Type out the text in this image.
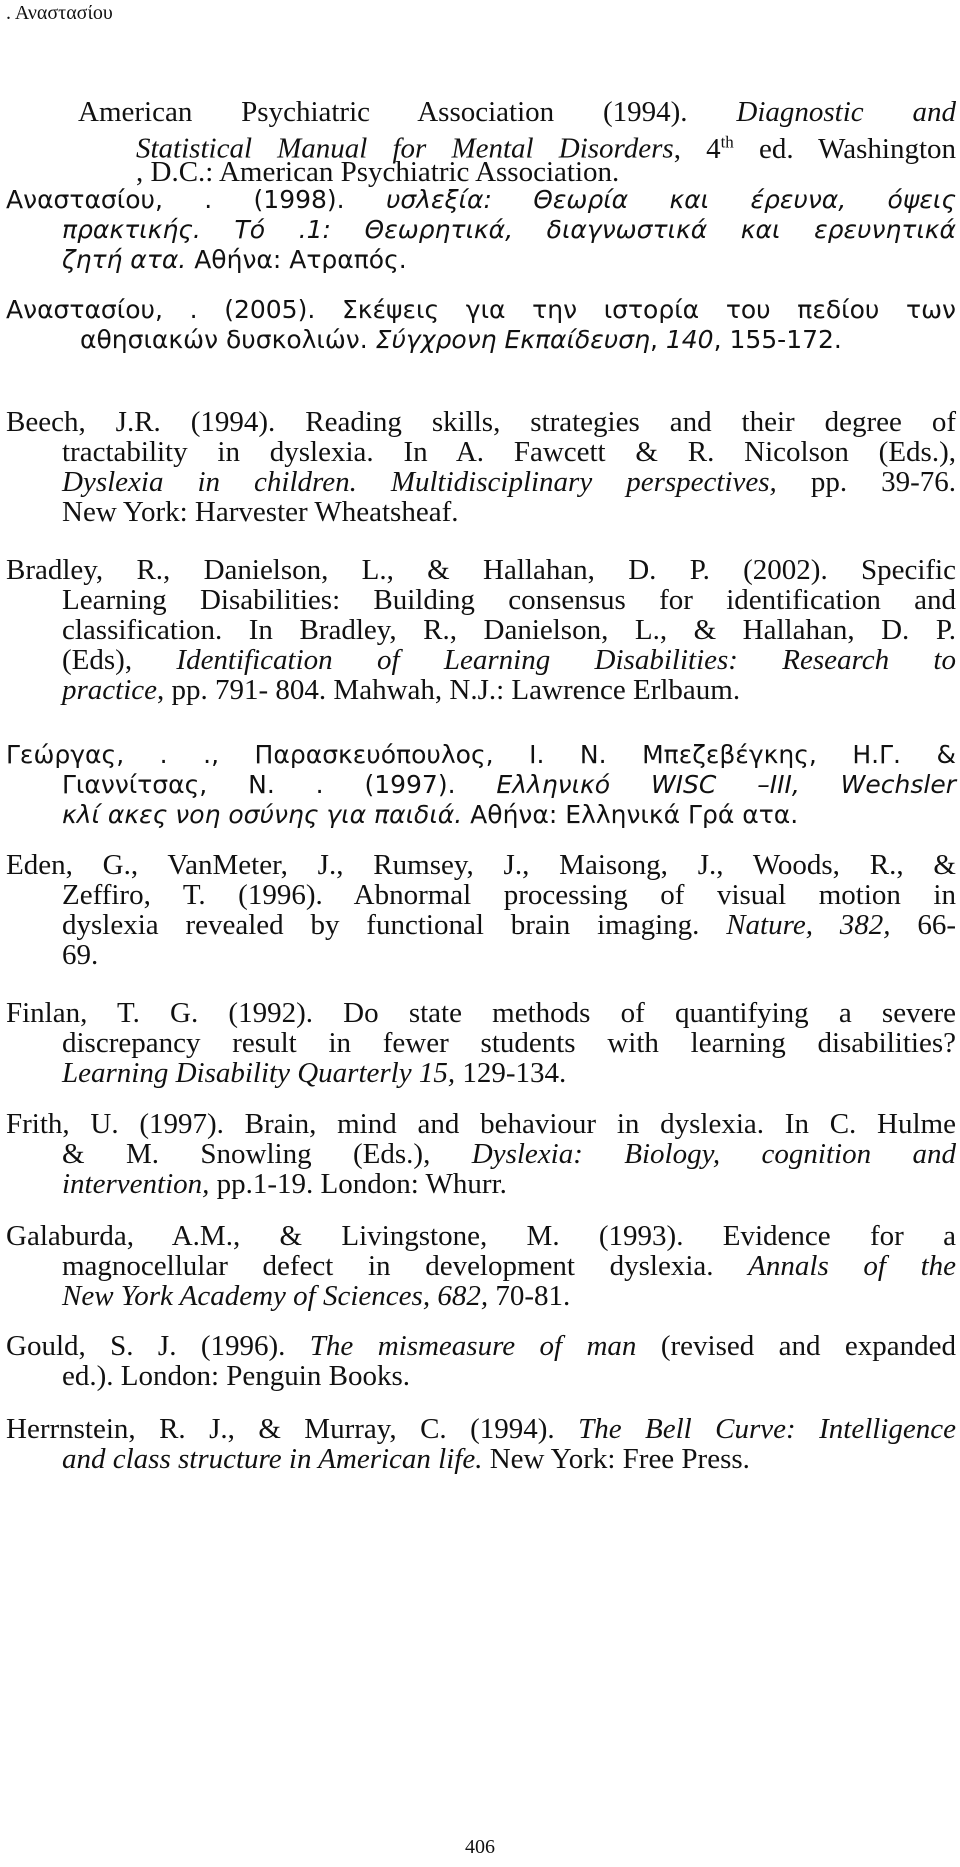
. Αναστασίου
American Psychiatric Association (1994). Diagnostic and
Statistical Manual for Mental Disorders, 4th ed. Washington
, D.C.: American Psychiatric Association.
Αναστασίου, . (1998). υσλεξία: Θεωρία και έρευνα, όψεις
πρακτικής. Τό .1: Θεωρητικά, διαγνωστικά και ερευνητικά
ζητή ατα. Αθήνα: Ατραπός.
Αναστασίου, . (2005). Σκέψεις για την ιστορία του πεδίου των
αθησιακών δυσκολιών. Σύγχρονη Εκπαίδευση, 140, 155-172.
Beech, J.R. (1994). Reading skills, strategies and their degree of
tractability in dyslexia. In A. Fawcett & R. Nicolson (Eds.),
Dyslexia in children. Multidisciplinary perspectives, pp. 39-76.
New York: Harvester Wheatsheaf.
Bradley, R., Danielson, L., & Hallahan, D. P. (2002). Specific
Learning Disabilities: Building consensus for identification and
classification. In Bradley, R., Danielson, L., & Hallahan, D. P.
(Eds), Identification of Learning Disabilities: Research to
practice, pp. 791- 804. Mahwah, N.J.: Lawrence Erlbaum.
Γεώργας, . ., Παρασκευόπουλος, Ι. Ν. Μπεζεβέγκης, Η.Γ. &
Γιαννίτσας, Ν. . (1997). Ελληνικό WISC –III, Wechsler
κλί ακες νοη οσύνης για παιδιά. Αθήνα: Ελληνικά Γρά ατα.
Eden, G., VanMeter, J., Rumsey, J., Maisong, J., Woods, R., &
Zeffiro, T. (1996). Abnormal processing of visual motion in
dyslexia revealed by functional brain imaging. Nature, 382, 66-
69.
Finlan, T. G. (1992). Do state methods of quantifying a severe
discrepancy result in fewer students with learning disabilities?
Learning Disability Quarterly 15, 129-134.
Frith, U. (1997). Brain, mind and behaviour in dyslexia. In C. Hulme
& M. Snowling (Eds.), Dyslexia: Biology, cognition and
intervention, pp.1-19. London: Whurr.
Galaburda, A.M., & Livingstone, M. (1993). Evidence for a
magnocellular defect in development dyslexia. Annals of the
New York Academy of Sciences, 682, 70-81.
Gould, S. J. (1996). The mismeasure of man (revised and expanded
ed.). London: Penguin Books.
Herrnstein, R. J., & Murray, C. (1994). The Bell Curve: Intelligence
and class structure in American life. New York: Free Press.
406
